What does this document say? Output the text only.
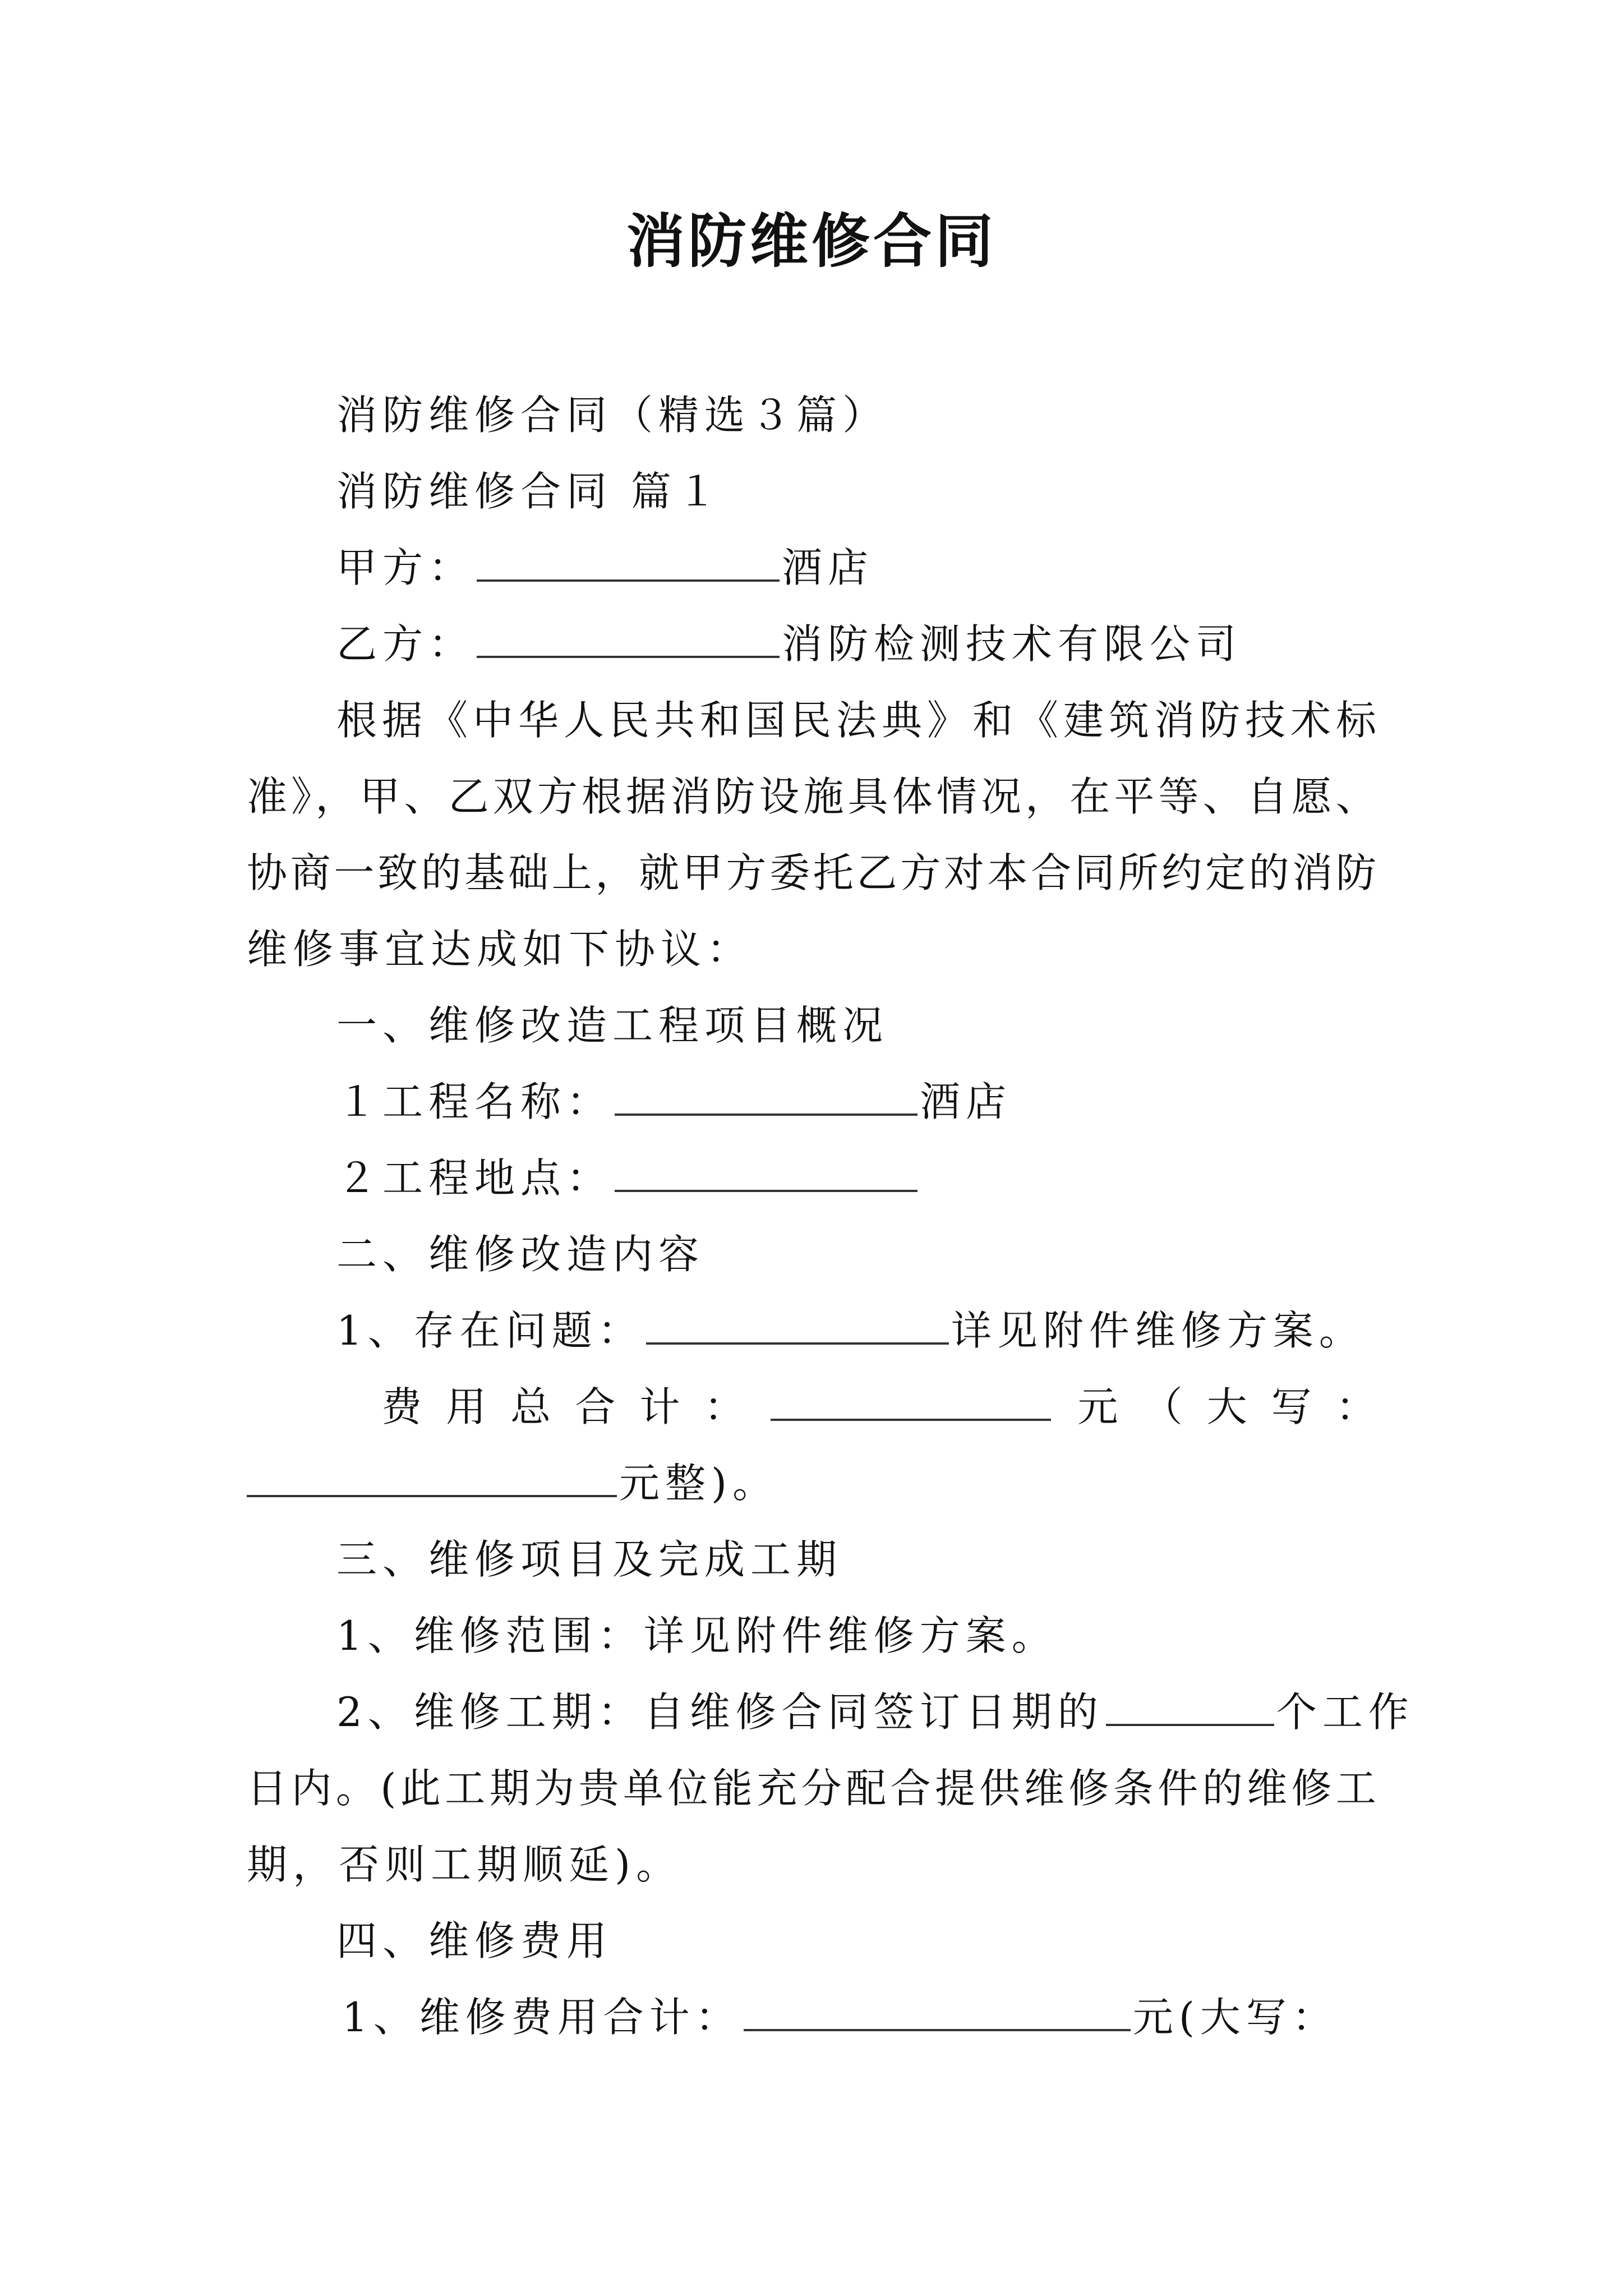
消防维修合同
消防维修合同（精选３篇）
消防维修合同 篇１
甲方：	酒店
乙方：	消防检测技术有限公司
根据《中华人民共和国民法典》和《建筑消防技术标
准》，甲、乙双方根据消防设施具体情况，在平等、自愿、
协商一致的基础上，就甲方委托乙方对本合同所约定的消防
维修事宜达成如下协议：
一、维修改造工程项目概况
１工程名称：	酒店
２工程地点：
二、维修改造内容
1、存在问题：	详见附件维修方案。
费 用 总 合 计 ：	元 （ 大 写 ：
元整)。
三、维修项目及完成工期
1、维修范围：详见附件维修方案。
2、维修工期：自维修合同签订日期的	个工作
日内。(此工期为贵单位能充分配合提供维修条件的维修工
期，否则工期顺延)。
四、维修费用
1、维修费用合计：	元(大写：
